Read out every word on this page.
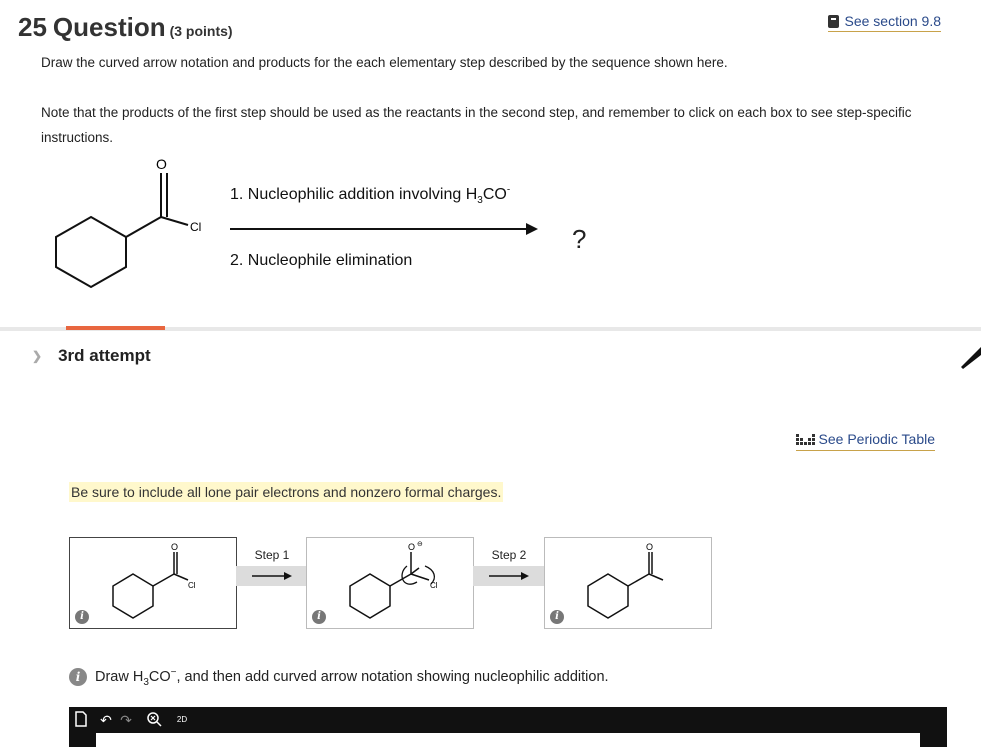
25 Question (3 points)
See section 9.8
Draw the curved arrow notation and products for the each elementary step described by the sequence shown here.
Note that the products of the first step should be used as the reactants in the second step, and remember to click on each box to see step-specific
instructions.
O
Cl
1. Nucleophilic addition involving $H_3CO^-$
2. Nucleophile elimination
?
❯ 3rd attempt
See Periodic Table
Be sure to include all lone pair electrons and nonzero formal charges.
O
Cl
i
Step 1
O ⊖
Cl
i
Step 2
O
i
i	Draw $H_3CO^-$, and then add curved arrow notation showing nucleophilic addition.
↶ ↷	2D
